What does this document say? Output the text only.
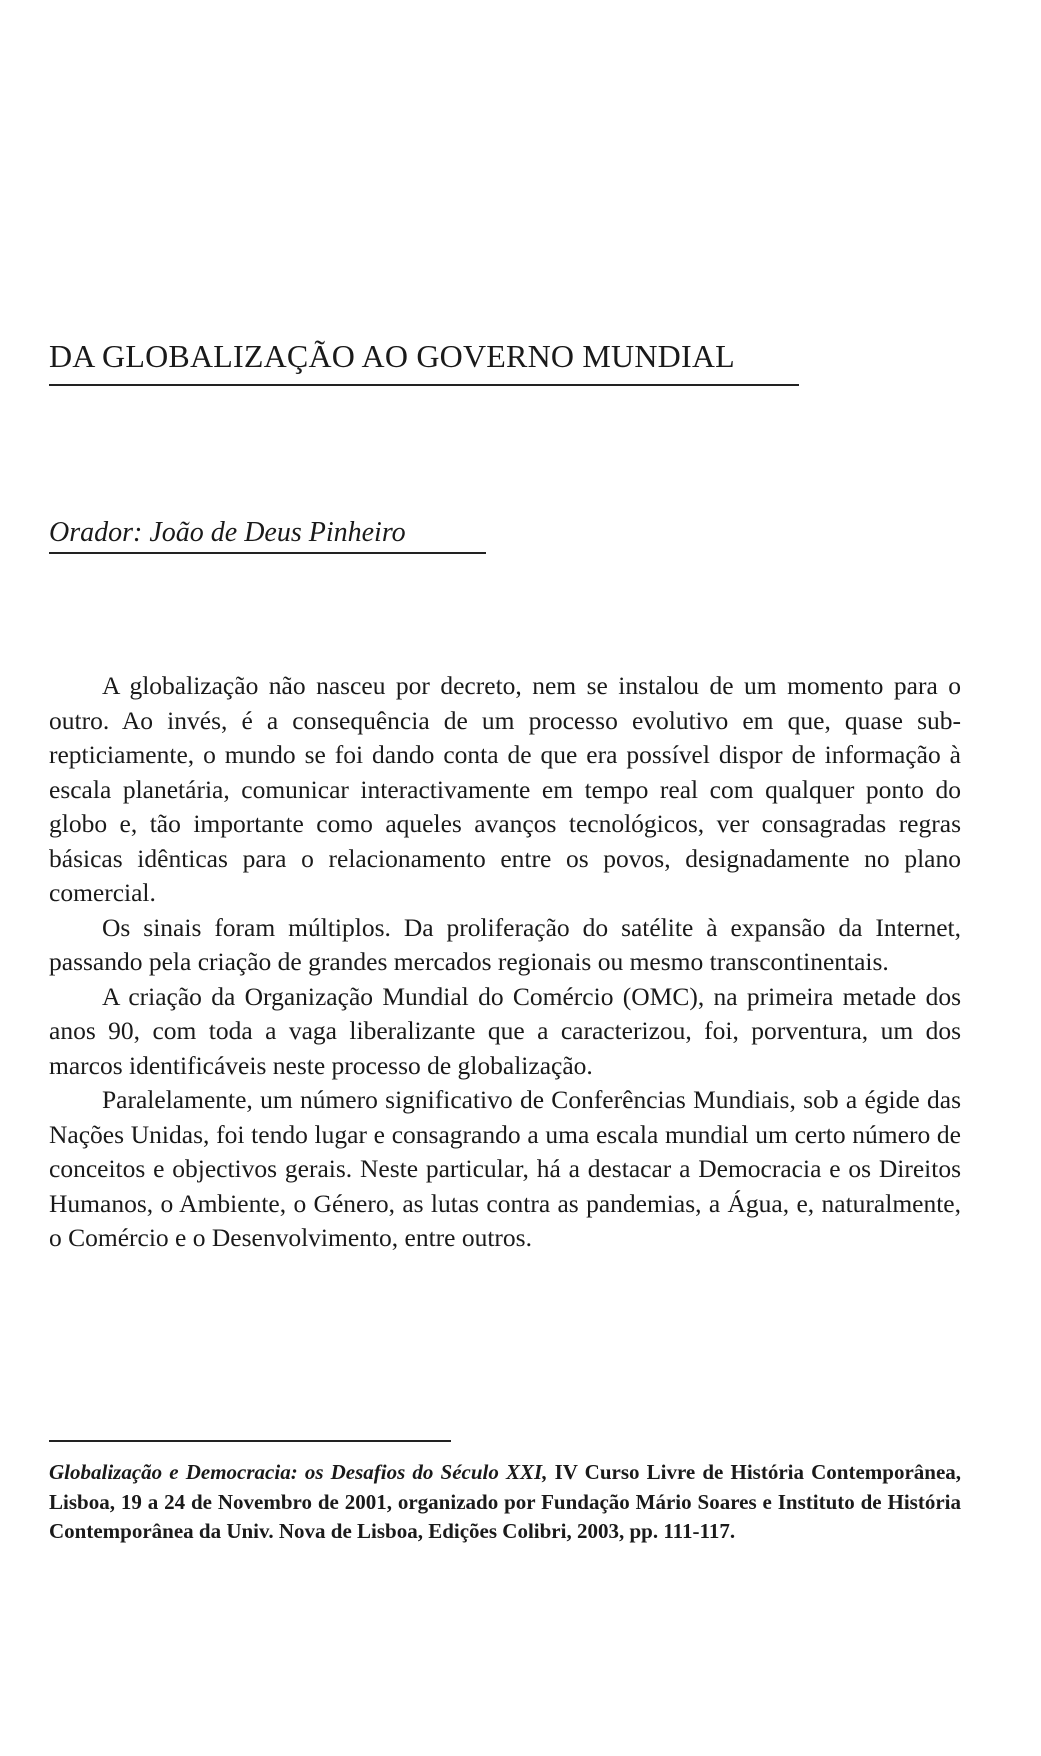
DA GLOBALIZAÇÃO AO GOVERNO MUNDIAL
Orador: João de Deus Pinheiro

A globalização não nasceu por decreto, nem se instalou de um momento para o outro. Ao invés, é a consequência de um processo evolutivo em que, quase sub-repticiamente, o mundo se foi dando conta de que era possível dispor de informação à escala planetária, comunicar interactivamente em tempo real com qualquer ponto do globo e, tão importante como aqueles avanços tecnológicos, ver consagradas regras básicas idênticas para o relacionamento entre os povos, designadamente no plano comercial.

Os sinais foram múltiplos. Da proliferação do satélite à expansão da Internet, passando pela criação de grandes mercados regionais ou mesmo transcontinentais.

A criação da Organização Mundial do Comércio (OMC), na primeira metade dos anos 90, com toda a vaga liberalizante que a caracterizou, foi, porventura, um dos marcos identificáveis neste processo de globalização.

Paralelamente, um número significativo de Conferências Mundiais, sob a égide das Nações Unidas, foi tendo lugar e consagrando a uma escala mundial um certo número de conceitos e objectivos gerais. Neste particular, há a destacar a Democracia e os Direitos Humanos, o Ambiente, o Género, as lutas contra as pandemias, a Água, e, naturalmente, o Comércio e o Desenvolvimento, entre outros.

Globalização e Democracia: os Desafios do Século XXI, IV Curso Livre de História Contemporânea, Lisboa, 19 a 24 de Novembro de 2001, organizado por Fundação Mário Soares e Instituto de História Contemporânea da Univ. Nova de Lisboa, Edições Colibri, 2003, pp. 111-117.
